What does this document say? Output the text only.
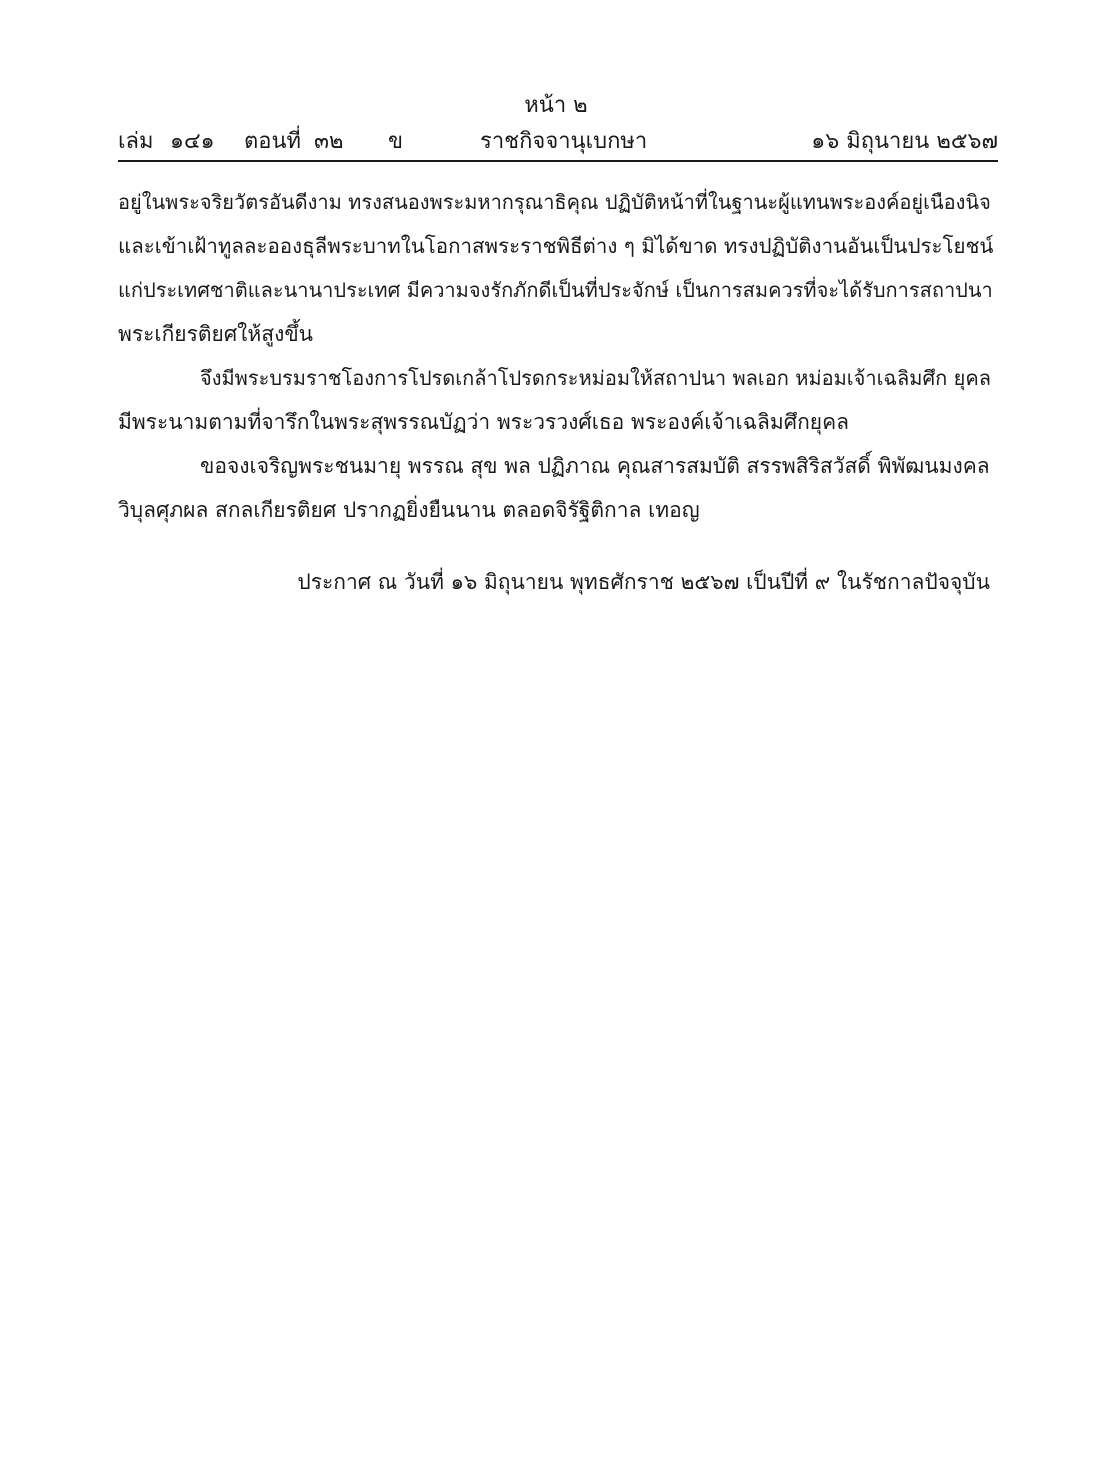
หน้า ๒
เล่ม ๑๔๑ ตอนที่ ๓๒ ข	ราชกิจจานุเบกษา	๑๖ มิถุนายน ๒๕๖๗
อยู่ในพระจริยวัตรอันดีงาม ทรงสนองพระมหากรุณาธิคุณ ปฏิบัติหน้าที่ในฐานะผู้แทนพระองค์อยู่เนืองนิจ
และเข้าเฝ้าทูลละอองธุลีพระบาทในโอกาสพระราชพิธีต่าง ๆ มิได้ขาด ทรงปฏิบัติงานอันเป็นประโยชน์
แก่ประเทศชาติและนานาประเทศ มีความจงรักภักดีเป็นที่ประจักษ์ เป็นการสมควรที่จะได้รับการสถาปนา
พระเกียรติยศให้สูงขึ้น
จึงมีพระบรมราชโองการโปรดเกล้าโปรดกระหม่อมให้สถาปนา พลเอก หม่อมเจ้าเฉลิมศึก ยุคล
มีพระนามตามที่จารึกในพระสุพรรณบัฏว่า พระวรวงศ์เธอ พระองค์เจ้าเฉลิมศึกยุคล
ขอจงเจริญพระชนมายุ พรรณ สุข พล ปฏิภาณ คุณสารสมบัติ สรรพสิริสวัสดิ์ พิพัฒนมงคล
วิบุลศุภผล สกลเกียรติยศ ปรากฏยิ่งยืนนาน ตลอดจิรัฐิติกาล เทอญ
ประกาศ ณ วันที่ ๑๖ มิถุนายน พุทธศักราช ๒๕๖๗ เป็นปีที่ ๙ ในรัชกาลปัจจุบัน
